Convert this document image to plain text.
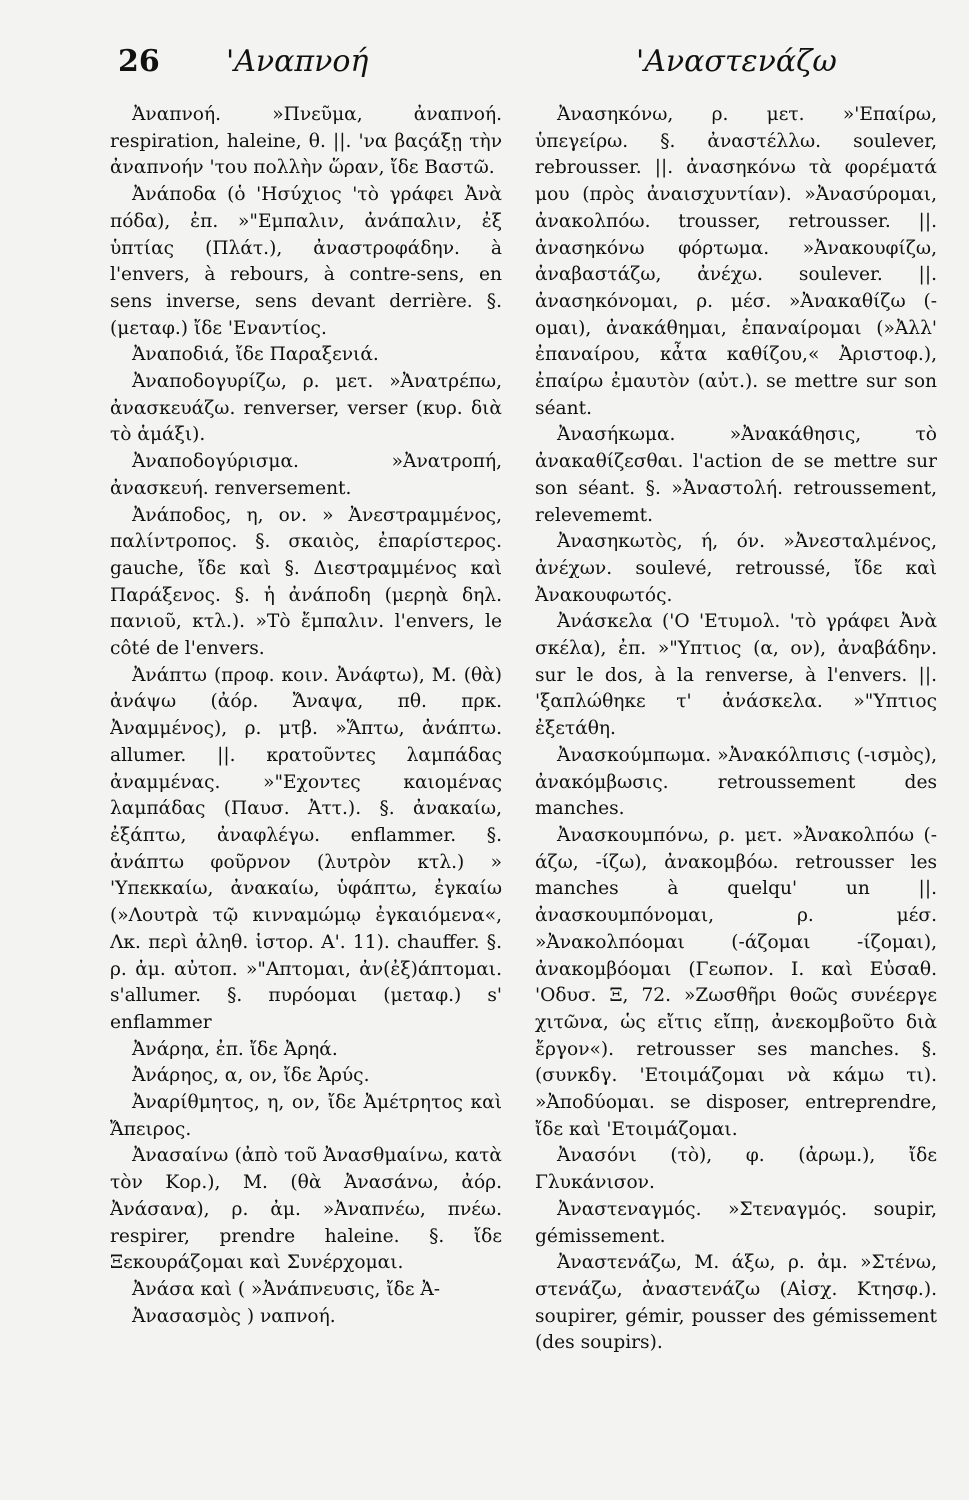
26 'Αναπνοή	'Αναστενάζω

Ἀναπνοή. »Πνεῦμα, ἀναπνοή. respiration, haleine, θ. ||. 'να βαςάξῃ τὴν ἀναπνοήν 'του πολλὴν ὥραν, ἴδε Βαστῶ.

Ἀνάποδα (ὁ 'Ησύχιος 'τὸ γράφει Ἀνὰ πόδα), ἐπ. »"Εμπαλιν, ἀνάπαλιν, ἐξ ὑπτίας (Πλάτ.), ἀναστροφάδην. à l'envers, à rebours, à contre-sens, en sens inverse, sens devant derrière. §. (μεταφ.) ἴδε 'Εναντίος.

Ἀναποδιά, ἴδε Παραξενιά.

Ἀναποδογυρίζω, ρ. μετ. »Ἀνατρέπω, ἀνασκευάζω. renverser, verser (κυρ. διὰ τὸ ἁμάξι).

Ἀναποδογύρισμα. »Ἀνατροπή, ἀνασκευή. renversement.

Ἀνάποδος, η, ον. » Ἀνεστραμμένος, παλίντροπος. §. σκαιὸς, ἐπαρίστερος. gauche, ἴδε καὶ §. Διεστραμμένος καὶ Παράξενος. §. ἡ ἀνάποδη (μερηὰ δηλ. πανιοῦ, κτλ.). »Τὸ ἔμπαλιν. l'envers, le côté de l'envers.

Ἀνάπτω (προφ. κοιν. Ἀνάφτω), Μ. (θὰ) ἀνάψω (ἀόρ. Ἄναψα, πθ. πρκ. Ἀναμμένος), ρ. μτβ. »Ἅπτω, ἀνάπτω. allumer. ||. κρατοῦντες λαμπάδας ἀναμμένας. »"Εχοντες καιομένας λαμπάδας (Παυσ. Ἀττ.). §. ἀνακαίω, ἐξάπτω, ἀναφλέγω. enflammer. §. ἀνάπτω φοῦρνον (λυτρὸν κτλ.) » 'Υπεκκαίω, ἀνακαίω, ὑφάπτω, ἐγκαίω (»Λουτρὰ τῷ κινναμώμῳ ἐγκαιόμενα«, Λκ. περὶ ἀληθ. ἱστορ. Α'. 11). chauffer. §. ρ. ἀμ. αὐτοπ. »"Απτομαι, ἀν(ἐξ)άπτομαι. s'allumer. §. πυρόομαι (μεταφ.) s' enflammer

Ἀνάρηα, ἐπ. ἴδε Ἀρηά.

Ἀνάρηος, α, ον, ἴδε Ἀρύς.

Ἀναρίθμητος, η, ον, ἴδε Ἀμέτρητος καὶ Ἄπειρος.

Ἀνασαίνω (ἀπὸ τοῦ Ἀνασθμαίνω, κατὰ τὸν Κορ.), Μ. (θὰ Ἀνασάνω, ἀόρ. Ἀνάσανα), ρ. ἀμ. »Ἀναπνέω, πνέω. respirer, prendre haleine. §. ἴδε Ξεκουράζομαι καὶ Συνέρχομαι.

Ἀνάσα καὶ ( »Ἀνάπνευσις, ἴδε Ἀ-

Ἀνασασμὸς ) ναπνοή.

Ἀνασηκόνω, ρ. μετ. »'Επαίρω, ὑπεγείρω. §. ἀναστέλλω. soulever, rebrousser. ||. ἀνασηκόνω τὰ φορέματά μου (πρὸς ἀναισχυντίαν). »Ἀνασύρομαι, ἀνακολπόω. trousser, retrousser. ||. ἀνασηκόνω φόρτωμα. »Ἀνακουφίζω, ἀναβαστάζω, ἀνέχω. soulever. ||. ἀνασηκόνομαι, ρ. μέσ. »Ἀνακαθίζω (-ομαι), ἀνακάθημαι, ἐπαναίρομαι (»Ἀλλ' ἐπαναίρου, κἆτα καθίζου,« Ἀριστοφ.), ἐπαίρω ἐμαυτὸν (αὐτ.). se mettre sur son séant.

Ἀνασήκωμα. »Ἀνακάθησις, τὸ ἀνακαθίζεσθαι. l'action de se mettre sur son séant. §. »Ἀναστολή. retroussement, relevememt.

Ἀνασηκωτὸς, ή, όν. »Ἀνεσταλμένος, ἀνέχων. soulevé, retroussé, ἴδε καὶ Ἀνακουφωτός.

Ἀνάσκελα ('Ο 'Ετυμολ. 'τὸ γράφει Ἀνὰ σκέλα), ἐπ. »"Υπτιος (α, ον), ἀναβάδην. sur le dos, à la renverse, à l'envers. ||. 'ξαπλώθηκε τ' ἀνάσκελα. »"Υπτιος ἐξετάθη.

Ἀνασκούμπωμα. »Ἀνακόλπισις (-ισμὸς), ἀνακόμβωσις. retroussement des manches.

Ἀνασκουμπόνω, ρ. μετ. »Ἀνακολπόω (-άζω, -ίζω), ἀνακομβόω. retrousser les manches à quelqu' un ||. ἀνασκουμπόνομαι, ρ. μέσ. »Ἀνακολπόομαι (-άζομαι -ίζομαι), ἀνακομβόομαι (Γεωπον. Ι. καὶ Εὐσαθ. 'Οδυσ. Ξ, 72. »Ζωσθῆρι θοῶς συνέεργε χιτῶνα, ὡς εἴτις εἴπῃ, ἀνεκομβοῦτο διὰ ἔργον«). retrousser ses manches. §. (συνκδγ. 'Ετοιμάζομαι νὰ κάμω τι). »Ἀποδύομαι. se disposer, entreprendre, ἴδε καὶ 'Ετοιμάζομαι.

Ἀνασόνι (τὸ), φ. (ἀρωμ.), ἴδε Γλυκάνισον.

Ἀναστεναγμός. »Στεναγμός. soupir, gémissement.

Ἀναστενάζω, Μ. άξω, ρ. ἀμ. »Στένω, στενάζω, ἀναστενάζω (Αἰσχ. Κτησφ.). soupirer, gémir, pousser des gémissement (des soupirs).
